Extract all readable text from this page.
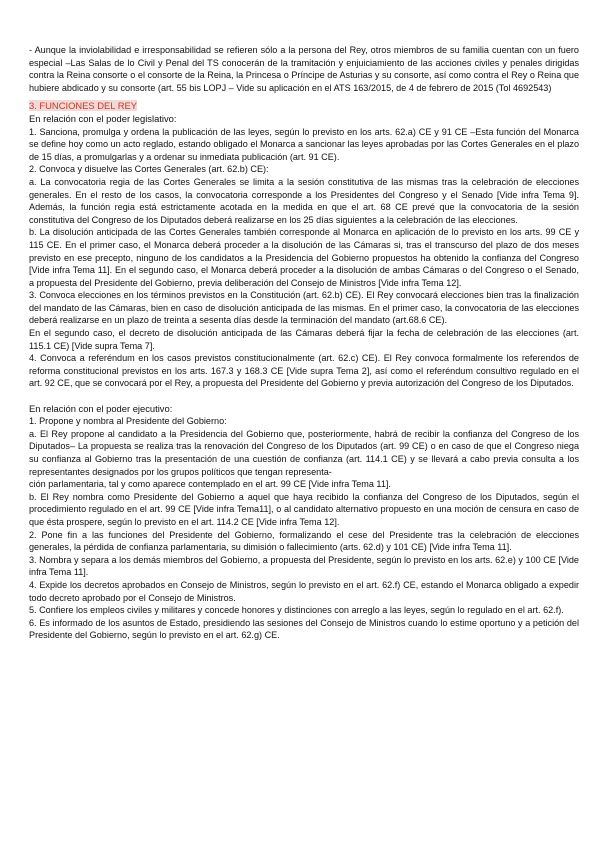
- Aunque la inviolabilidad e irresponsabilidad se refieren sólo a la persona del Rey, otros miembros de su familia cuentan con un fuero especial –Las Salas de lo Civil y Penal del TS conocerán de la tramitación y enjuiciamiento de las acciones civiles y penales dirigidas contra la Reina consorte o el consorte de la Reina, la Princesa o Príncipe de Asturias y su consorte, así como contra el Rey o Reina que hubiere abdicado y su consorte (art. 55 bis LOPJ – Vide su aplicación en el ATS 163/2015, de 4 de febrero de 2015 (Tol 4692543)

3. FUNCIONES DEL REY

En relación con el poder legislativo:

1. Sanciona, promulga y ordena la publicación de las leyes, según lo previsto en los arts. 62.a) CE y 91 CE –Esta función del Monarca se define hoy como un acto reglado, estando obligado el Monarca a sancionar las leyes aprobadas por las Cortes Generales en el plazo de 15 días, a promulgarlas y a ordenar su inmediata publicación (art. 91 CE).

2. Convoca y disuelve las Cortes Generales (art. 62.b) CE):

a. La convocatoria regia de las Cortes Generales se limita a la sesión constitutiva de las mismas tras la celebración de elecciones generales. En el resto de los casos, la convocatoria corresponde a los Presidentes del Congreso y el Senado [Vide infra Tema 9]. Además, la función regia está estrictamente acotada en la medida en que el art. 68 CE prevé que la convocatoria de la sesión constitutiva del Congreso de los Diputados deberá realizarse en los 25 días siguientes a la celebración de las elecciones.

b. La disolución anticipada de las Cortes Generales también corresponde al Monarca en aplicación de lo previsto en los arts. 99 CE y 115 CE. En el primer caso, el Monarca deberá proceder a la disolución de las Cámaras si, tras el transcurso del plazo de dos meses previsto en ese precepto, ninguno de los candidatos a la Presidencia del Gobierno propuestos ha obtenido la confianza del Congreso [Vide infra Tema 11]. En el segundo caso, el Monarca deberá proceder a la disolución de ambas Cámaras o del Congreso o el Senado, a propuesta del Presidente del Gobierno, previa deliberación del Consejo de Ministros [Vide infra Tema 12].

3. Convoca elecciones en los términos previstos en la Constitución (art. 62.b) CE). El Rey convocará elecciones bien tras la finalización del mandato de las Cámaras, bien en caso de disolución anticipada de las mismas. En el primer caso, la convocatoria de las elecciones deberá realizarse en un plazo de treinta a sesenta días desde la terminación del mandato (art.68.6 CE).

En el segundo caso, el decreto de disolución anticipada de las Cámaras deberá fijar la fecha de celebración de las elecciones (art. 115.1 CE) [Vide supra Tema 7].

4. Convoca a referéndum en los casos previstos constitucionalmente (art. 62.c) CE). El Rey convoca formalmente los referendos de reforma constitucional previstos en los arts. 167.3 y 168.3 CE [Vide supra Tema 2], así como el referéndum consultivo regulado en el art. 92 CE, que se convocará por el Rey, a propuesta del Presidente del Gobierno y previa autorización del Congreso de los Diputados.

En relación con el poder ejecutivo:

1. Propone y nombra al Presidente del Gobierno:

a. El Rey propone al candidato a la Presidencia del Gobierno que, posteriormente, habrá de recibir la confianza del Congreso de los Diputados– La propuesta se realiza tras la renovación del Congreso de los Diputados (art. 99 CE) o en caso de que el Congreso niega su confianza al Gobierno tras la presentación de una cuestión de confianza (art. 114.1 CE) y se llevará a cabo previa consulta a los representantes designados por los grupos políticos que tengan representa-

ción parlamentaria, tal y como aparece contemplado en el art. 99 CE [Vide infra Tema 11].

b. El Rey nombra como Presidente del Gobierno a aquel que haya recibido la confianza del Congreso de los Diputados, según el procedimiento regulado en el art. 99 CE [Vide infra Tema11], o al candidato alternativo propuesto en una moción de censura en caso de que ésta prospere, según lo previsto en el art. 114.2 CE [Vide infra Tema 12].

2. Pone fin a las funciones del Presidente del Gobierno, formalizando el cese del Presidente tras la celebración de elecciones generales, la pérdida de confianza parlamentaria, su dimisión o fallecimiento (arts. 62.d) y 101 CE) [Vide infra Tema 11].

3. Nombra y separa a los demás miembros del Gobierno, a propuesta del Presidente, según lo previsto en los arts. 62.e) y 100 CE [Vide infra Tema 11].

4. Expide los decretos aprobados en Consejo de Ministros, según lo previsto en el art. 62.f) CE, estando el Monarca obligado a expedir todo decreto aprobado por el Consejo de Ministros.

5. Confiere los empleos civiles y militares y concede honores y distinciones con arreglo a las leyes, según lo regulado en el art. 62.f).

6. Es informado de los asuntos de Estado, presidiendo las sesiones del Consejo de Ministros cuando lo estime oportuno y a petición del Presidente del Gobierno, según lo previsto en el art. 62.g) CE.
